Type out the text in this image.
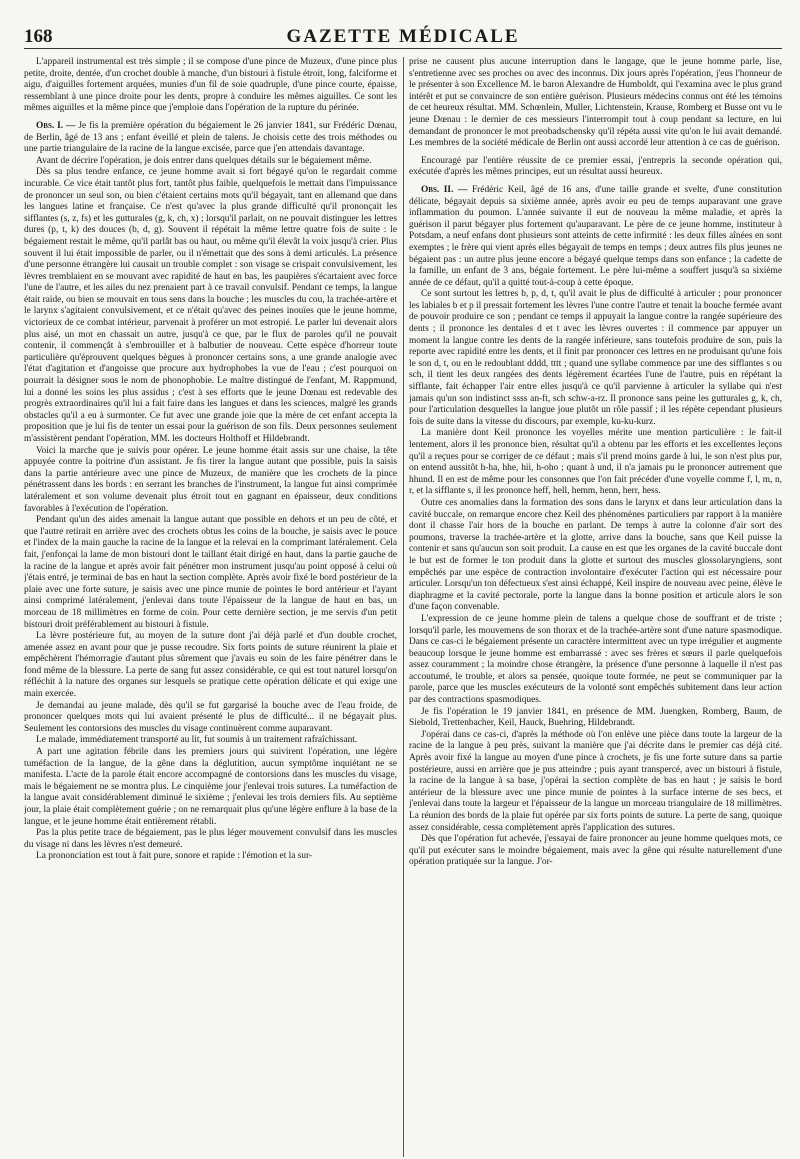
168	GAZETTE MÉDICALE

L'appareil instrumental est très simple ; il se compose d'une pince de Muzeux, d'une pince plus petite, droite, dentée, d'un crochet double à manche, d'un bistouri à fistule étroit, long, falciforme et aigu, d'aiguilles fortement arquées, munies d'un fil de soie quadruple, d'une pince courte, épaisse, ressemblant à une pince droite pour les dents, propre à conduire les mêmes aiguilles. Ce sont les mêmes aiguilles et la même pince que j'emploie dans l'opération de la rupture du périnée.

Obs. I. — Je fis la première opération du bégaiement le 26 janvier 1841, sur Frédéric Dœnau, de Berlin, âgé de 13 ans ; enfant éveillé et plein de talens. Je choisis cette des trois méthodes ou une partie triangulaire de la racine de la langue excisée, parce que j'en attendais davantage.

Avant de décrire l'opération, je dois entrer dans quelques détails sur le bégaiement même.

Dès sa plus tendre enfance, ce jeune homme avait si fort bégayé qu'on le regardait comme incurable. Ce vice était tantôt plus fort, tantôt plus faible, quelquefois le mettait dans l'impuissance de prononcer un seul son, ou bien c'étaient certains mots qu'il bégayait, tant en allemand que dans les langues latine et française. Ce n'est qu'avec la plus grande difficulté qu'il prononçait les sifflantes (s, z, fs) et les gutturales (g, k, ch, x) ; lorsqu'il parlait, on ne pouvait distinguer les lettres dures (p, t, k) des douces (b, d, g). Souvent il répétait la même lettre quatre fois de suite : le bégaiement restait le même, qu'il parlât bas ou haut, ou même qu'il élevât la voix jusqu'à crier. Plus souvent il lui était impossible de parler, ou il n'émettait que des sons à demi articulés. La présence d'une personne étrangère lui causait un trouble complet : son visage se crispait convulsivement, les lèvres tremblaient en se mouvant avec rapidité de haut en bas, les paupières s'écartaient avec force l'une de l'autre, et les ailes du nez prenaient part à ce travail convulsif. Pendant ce temps, la langue était raide, ou bien se mouvait en tous sens dans la bouche ; les muscles du cou, la trachée-artère et le larynx s'agitaient convulsivement, et ce n'était qu'avec des peines inouïes que le jeune homme, victorieux de ce combat intérieur, parvenait à proférer un mot estropié. Le parler lui devenait alors plus aisé, un mot en chassait un autre, jusqu'à ce que, par le flux de paroles qu'il ne pouvait contenir, il commençât à s'embrouiller et à balbutier de nouveau. Cette espèce d'horreur toute particulière qu'éprouvent quelques bègues à prononcer certains sons, a une grande analogie avec l'état d'agitation et d'angoisse que procure aux hydrophobes la vue de l'eau ; c'est pourquoi on pourrait la désigner sous le nom de phonophobie. Le maître distingué de l'enfant, M. Rappmund, lui a donné les soins les plus assidus ; c'est à ses efforts que le jeune Dœnau est redevable des progrès extraordinaires qu'il lui a fait faire dans les langues et dans les sciences, malgré les grands obstacles qu'il a eu à surmonter. Ce fut avec une grande joie que la mère de cet enfant accepta la proposition que je lui fis de tenter un essai pour la guérison de son fils. Deux personnes seulement m'assistèrent pendant l'opération, MM. les docteurs Holthoff et Hildebrandt.

Voici la marche que je suivis pour opérer. Le jeune homme était assis sur une chaise, la tête appuyée contre la poitrine d'un assistant. Je fis tirer la langue autant que possible, puis la saisis dans la partie antérieure avec une pince de Muzeux, de manière que les crochets de la pince pénétrassent dans les bords : en serrant les branches de l'instrument, la langue fut ainsi comprimée latéralement et son volume devenait plus étroit tout en gagnant en épaisseur, deux conditions favorables à l'exécution de l'opération.

Pendant qu'un des aides amenait la langue autant que possible en dehors et un peu de côté, et que l'autre retirait en arrière avec des crochets obtus les coins de la bouche, je saisis avec le pouce et l'index de la main gauche la racine de la langue et la relevai en la comprimant latéralement. Cela fait, j'enfonçai la lame de mon bistouri dont le taillant était dirigé en haut, dans la partie gauche de la racine de la langue et après avoir fait pénétrer mon instrument jusqu'au point opposé à celui où j'étais entré, je terminai de bas en haut la section complète. Après avoir fixé le bord postérieur de la plaie avec une forte suture, je saisis avec une pince munie de pointes le bord antérieur et l'ayant ainsi comprimé latéralement, j'enlevai dans toute l'épaisseur de la langue de haut en bas, un morceau de 18 millimètres en forme de coin. Pour cette dernière section, je me servis d'un petit bistouri droit préférablement au bistouri à fistule.

La lèvre postérieure fut, au moyen de la suture dont j'ai déjà parlé et d'un double crochet, amenée assez en avant pour que je pusse recoudre. Six forts points de suture réunirent la plaie et empêchèrent l'hémorragie d'autant plus sûrement que j'avais eu soin de les faire pénétrer dans le fond même de la blessure. La perte de sang fut assez considérable, ce qui est tout naturel lorsqu'on réfléchit à la nature des organes sur lesquels se pratique cette opération délicate et qui exige une main exercée.

Je demandai au jeune malade, dès qu'il se fut gargarisé la bouche avec de l'eau froide, de prononcer quelques mots qui lui avaient présenté le plus de difficulté... il ne bégayait plus. Seulement les contorsions des muscles du visage continuèrent comme auparavant.

Le malade, immédiatement transporté au lit, fut soumis à un traitement rafraîchissant.

A part une agitation fébrile dans les premiers jours qui suivirent l'opération, une légère tuméfaction de la langue, de la gêne dans la déglutition, aucun symptôme inquiétant ne se manifesta. L'acte de la parole était encore accompagné de contorsions dans les muscles du visage, mais le bégaiement ne se montra plus. Le cinquième jour j'enlevai trois sutures. La tuméfaction de la langue avait considérablement diminué le sixième ; j'enlevai les trois derniers fils. Au septième jour, la plaie était complètement guérie ; on ne remarquait plus qu'une légère enflure à la base de la langue, et le jeune homme était entièrement rétabli.

Pas la plus petite trace de bégaiement, pas le plus léger mouvement convulsif dans les muscles du visage ni dans les lèvres n'est demeuré.

La prononciation est tout à fait pure, sonore et rapide : l'émotion et la sur-

prise ne causent plus aucune interruption dans le langage, que le jeune homme parle, lise, s'entretienne avec ses proches ou avec des inconnus. Dix jours après l'opération, j'eus l'honneur de le présenter à son Excellence M. le baron Alexandre de Humboldt, qui l'examina avec le plus grand intérêt et put se convaincre de son entière guérison. Plusieurs médecins connus ont été les témoins de cet heureux résultat. MM. Schœnlein, Muller, Lichtenstein, Krause, Romberg et Busse ont vu le jeune Dœnau : le dernier de ces messieurs l'interrompit tout à coup pendant sa lecture, en lui demandant de prononcer le mot preobadschensky qu'il répéta aussi vite qu'on le lui avait demandé. Les membres de la société médicale de Berlin ont aussi accordé leur attention à ce cas de guérison.

Encouragé par l'entière réussite de ce premier essai, j'entrepris la seconde opération qui, exécutée d'après les mêmes principes, eut un résultat aussi heureux.

Obs. II. — Frédéric Keil, âgé de 16 ans, d'une taille grande et svelte, d'une constitution délicate, bégayait depuis sa sixième année, après avoir eu peu de temps auparavant une grave inflammation du poumon. L'année suivante il eut de nouveau la même maladie, et après la guérison il parut bégayer plus fortement qu'auparavant. Le père de ce jeune homme, instituteur à Potsdam, a neuf enfans dont plusieurs sont atteints de cette infirmité : les deux filles aînées en sont exemptes ; le frère qui vient après elles bégayait de temps en temps ; deux autres fils plus jeunes ne bégaient pas : un autre plus jeune encore a bégayé quelque temps dans son enfance ; la cadette de la famille, un enfant de 3 ans, bégaie fortement. Le père lui-même a souffert jusqu'à sa sixième année de ce défaut, qu'il a quitté tout-à-coup à cette époque.

Ce sont surtout les lettres b, p, d, t, qu'il avait le plus de difficulté à articuler ; pour prononcer les labiales b et p il pressait fortement les lèvres l'une contre l'autre et tenait la bouche fermée avant de pouvoir produire ce son ; pendant ce temps il appuyait la langue contre la rangée supérieure des dents ; il prononce les dentales d et t avec les lèvres ouvertes : il commence par appuyer un moment la langue contre les dents de la rangée inférieure, sans toutefois produire de son, puis la reporte avec rapidité entre les dents, et il finit par prononcer ces lettres en ne produisant qu'une fois le son d, t, ou en le redoublant dddd, tttt ; quand une syllabe commence par une des sifflantes s ou sch, il tient les deux rangées des dents légèrement écartées l'une de l'autre, puis en répétant la sifflante, fait échapper l'air entre elles jusqu'à ce qu'il parvienne à articuler la syllabe qui n'est jamais qu'un son indistinct ssss an-ft, sch schw-a-rz. Il prononce sans peine les gutturales g, k, ch, pour l'articulation desquelles la langue joue plutôt un rôle passif ; il les répète cependant plusieurs fois de suite dans la vitesse du discours, par exemple, ku-ku-kurz.

La manière dont Keil prononce les voyelles mérite une mention particulière : le fait-il lentement, alors il les prononce bien, résultat qu'il a obtenu par les efforts et les excellentes leçons qu'il a reçues pour se corriger de ce défaut ; mais s'il prend moins garde à lui, le son n'est plus pur, on entend aussitôt h-ha, hhe, hii, h-oho ; quant à und, il n'a jamais pu le prononcer autrement que hhund. Il en est de même pour les consonnes que l'on fait précéder d'une voyelle comme f, l, m, n, r, et la sifflante s, il les prononce heff, hell, hemm, henn, herr, hess.

Outre ces anomalies dans la formation des sons dans le larynx et dans leur articulation dans la cavité buccale, on remarque encore chez Keil des phénomènes particuliers par rapport à la manière dont il chasse l'air hors de la bouche en parlant. De temps à autre la colonne d'air sort des poumons, traverse la trachée-artère et la glotte, arrive dans la bouche, sans que Keil puisse la contenir et sans qu'aucun son soit produit. La cause en est que les organes de la cavité buccale dont le but est de former le ton produit dans la glotte et surtout des muscles glossolaryngiens, sont empêchés par une espèce de contraction involontaire d'exécuter l'action qui est nécessaire pour articuler. Lorsqu'un ton défectueux s'est ainsi échappé, Keil inspire de nouveau avec peine, élève le diaphragme et la cavité pectorale, porte la langue dans la bonne position et articule alors le son d'une façon convenable.

L'expression de ce jeune homme plein de talens a quelque chose de souffrant et de triste ; lorsqu'il parle, les mouvemens de son thorax et de la trachée-artère sont d'une nature spasmodique. Dans ce cas-ci le bégaiement présente un caractère intermittent avec un type irrégulier et augmente beaucoup lorsque le jeune homme est embarrassé : avec ses frères et sœurs il parle quelquefois assez couramment ; la moindre chose étrangère, la présence d'une personne à laquelle il n'est pas accoutumé, le trouble, et alors sa pensée, quoique toute formée, ne peut se communiquer par la parole, parce que les muscles exécuteurs de la volonté sont empêchés subitement dans leur action par des contractions spasmodiques.

Je fis l'opération le 19 janvier 1841, en présence de MM. Juengken, Romberg, Baum, de Siebold, Trettenbacher, Keil, Hauck, Buehring, Hildebrandt.

J'opérai dans ce cas-ci, d'après la méthode où l'on enlève une pièce dans toute la largeur de la racine de la langue à peu près, suivant la manière que j'ai décrite dans le premier cas déjà cité. Après avoir fixé la langue au moyen d'une pince à crochets, je fis une forte suture dans sa partie postérieure, aussi en arrière que je pus atteindre ; puis ayant transpercé, avec un bistouri à fistule, la racine de la langue à sa base, j'opérai la section complète de bas en haut ; je saisis le bord antérieur de la blessure avec une pince munie de pointes à la surface interne de ses becs, et j'enlevai dans toute la largeur et l'épaisseur de la langue un morceau triangulaire de 18 millimètres. La réunion des bords de la plaie fut opérée par six forts points de suture. La perte de sang, quoique assez considérable, cessa complètement après l'application des sutures.

Dès que l'opération fut achevée, j'essayai de faire prononcer au jeune homme quelques mots, ce qu'il put exécuter sans le moindre bégaiement, mais avec la gêne qui résulte naturellement d'une opération pratiquée sur la langue. J'or-
